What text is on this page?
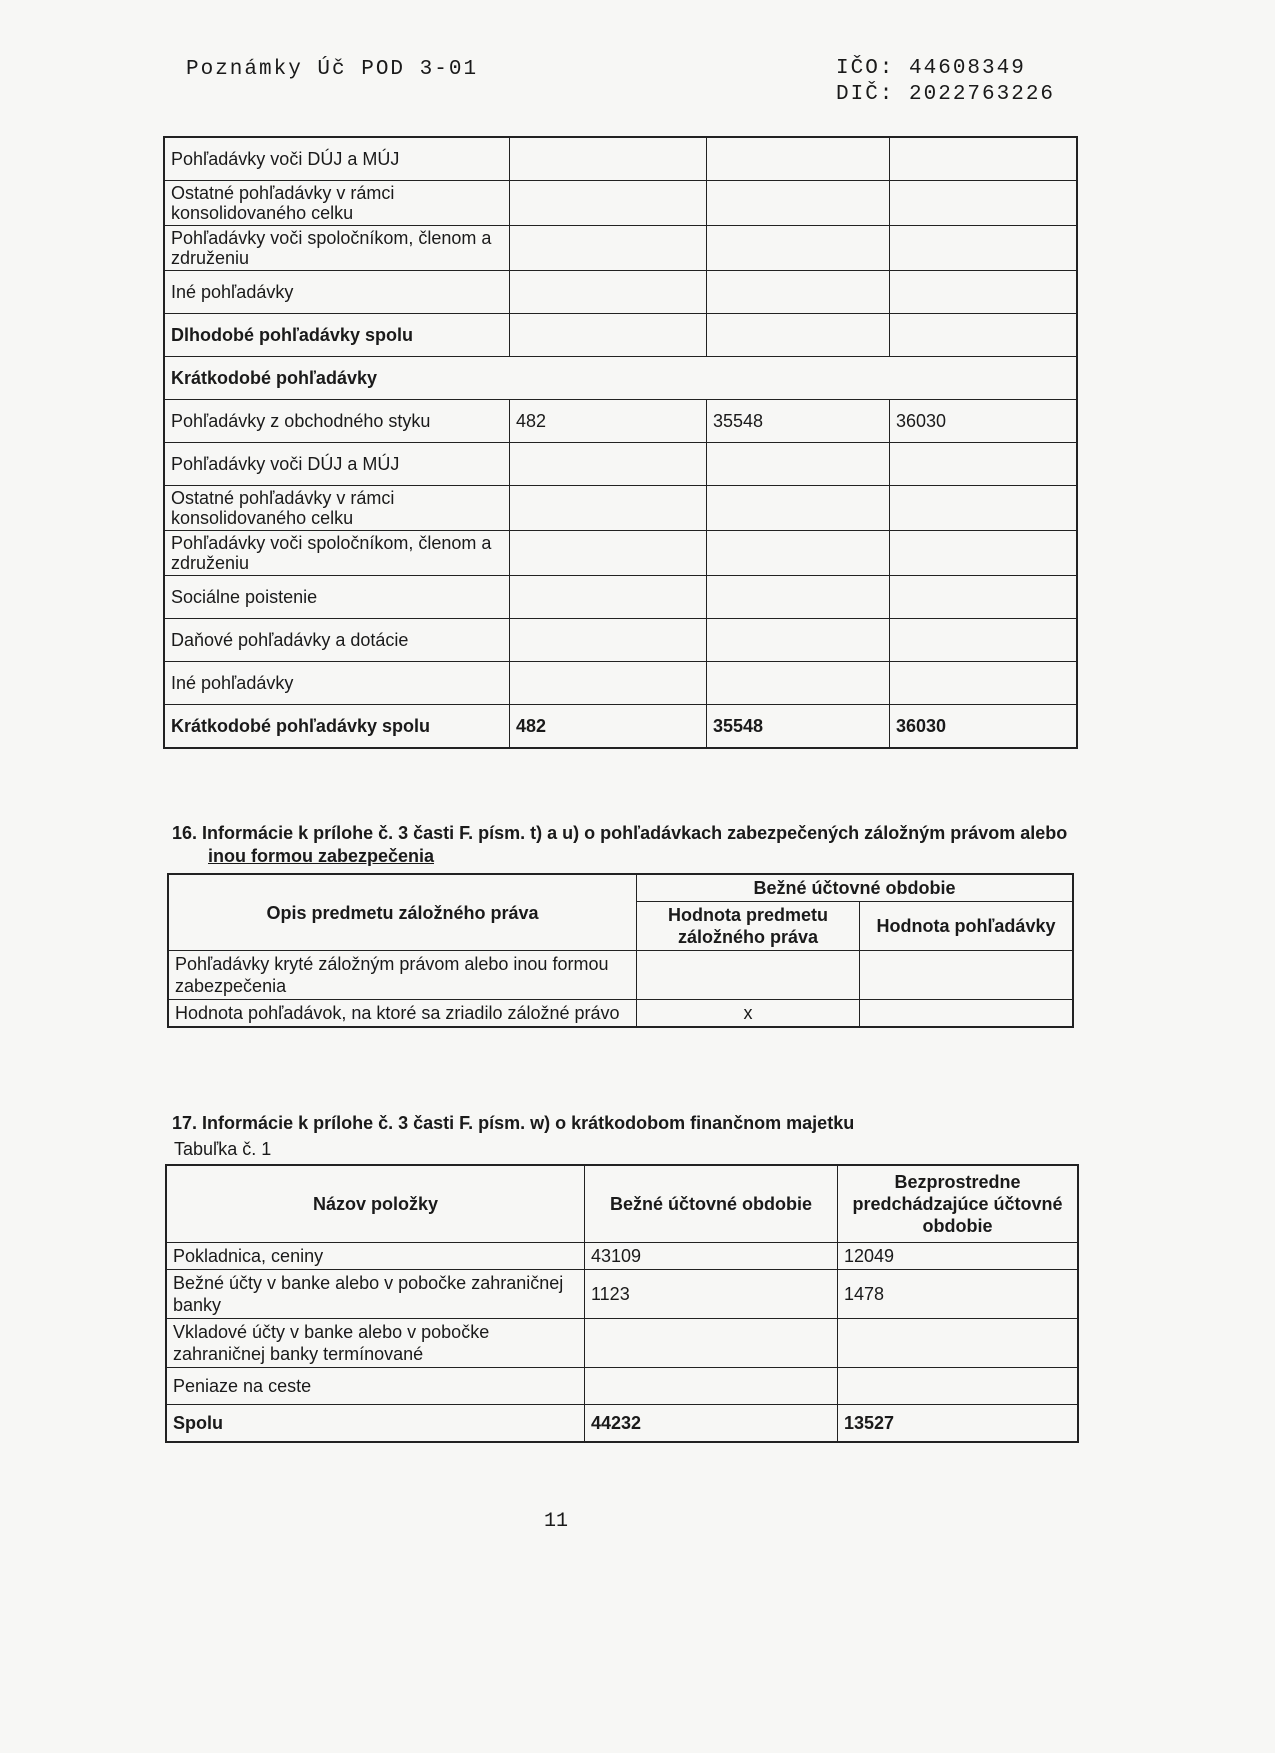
Poznámky Úč POD 3-01	IČO: 44608349
DIČ: 2022763226
Pohľadávky voči DÚJ a MÚJ			
Ostatné pohľadávky v rámci konsolidovaného celku			
Pohľadávky voči spoločníkom, členom a združeniu			
Iné pohľadávky			
Dlhodobé pohľadávky spolu			
Krátkodobé pohľadávky			
Pohľadávky z obchodného styku	482	35548	36030
Pohľadávky voči DÚJ a MÚJ			
Ostatné pohľadávky v rámci konsolidovaného celku			
Pohľadávky voči spoločníkom, členom a združeniu			
Sociálne poistenie			
Daňové pohľadávky a dotácie			
Iné pohľadávky			
Krátkodobé pohľadávky spolu	482	35548	36030
16. Informácie k prílohe č. 3 časti F. písm. t) a u) o pohľadávkach zabezpečených záložným právom alebo
inou formou zabezpečenia
Opis predmetu záložného práva	Bežné účtovné obdobie	
	Hodnota predmetu záložného práva	Hodnota pohľadávky
Pohľadávky kryté záložným právom alebo inou formou zabezpečenia		
Hodnota pohľadávok, na ktoré sa zriadilo záložné právo	x	
17. Informácie k prílohe č. 3 časti F. písm. w) o krátkodobom finančnom majetku
Tabuľka č. 1
Názov položky	Bežné účtovné obdobie	Bezprostredne predchádzajúce účtovné obdobie
Pokladnica, ceniny	43109	12049
Bežné účty v banke alebo v pobočke zahraničnej banky	1123	1478
Vkladové účty v banke alebo v pobočke zahraničnej banky termínované		
Peniaze na ceste		
Spolu	44232	13527
11
